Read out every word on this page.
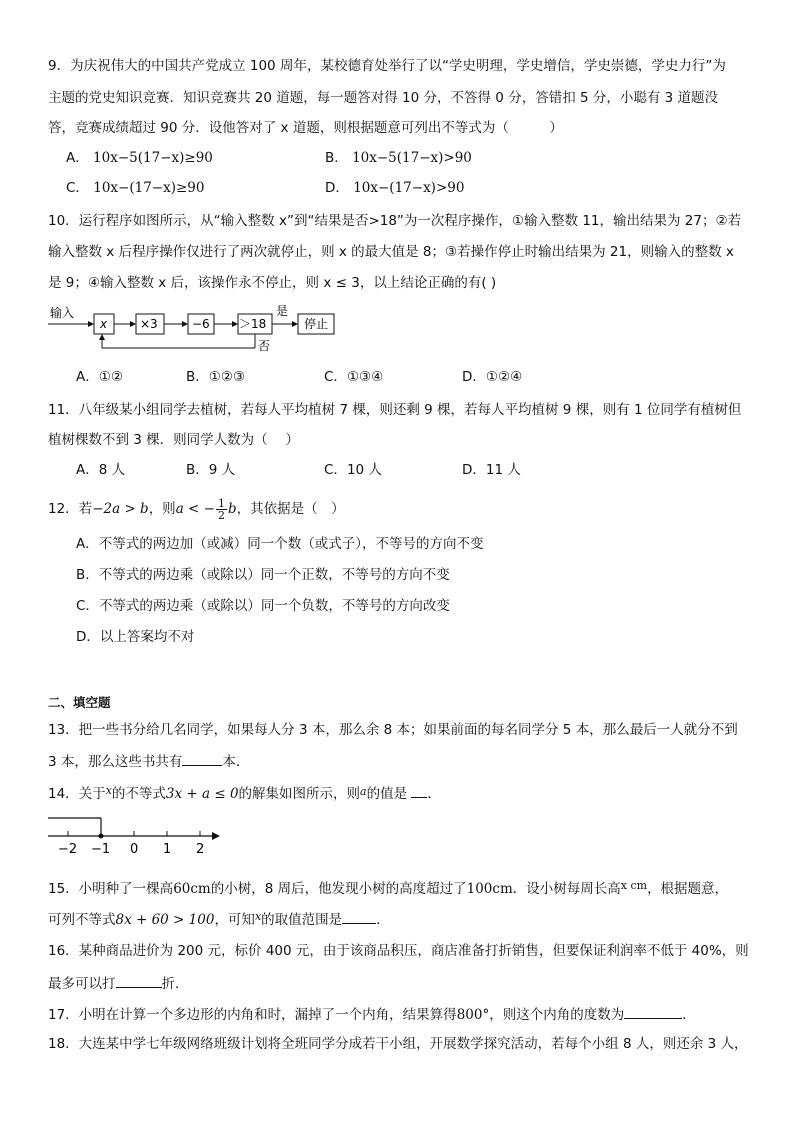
9．为庆祝伟大的中国共产党成立 100 周年，某校德育处举行了以“学史明理，学史增信，学史崇德，学史力行”为
主题的党史知识竞赛．知识竞赛共 20 道题，每一题答对得 10 分，不答得 0 分，答错扣 5 分，小聪有 3 道题没
答，竞赛成绩超过 90 分．设他答对了 x 道题，则根据题意可列出不等式为（　　　）
A． 10x−5(17−x)≥90	B． 10x−5(17−x)>90
C． 10x−(17−x)≥90	D． 10x−(17−x)>90
10．运行程序如图所示，从“输入整数 x”到“结果是否>18”为一次程序操作，①输入整数 11，输出结果为 27；②若
输入整数 x 后程序操作仅进行了两次就停止，则 x 的最大值是 8；③若操作停止时输出结果为 21，则输入的整数 x
是 9；④输入整数 x 后，该操作永不停止，则 x ≤ 3，以上结论正确的有( )
输入
x	×3	−6 ＞18
是
停止
否
A．①②	B．①②③	C．①③④	D．①②④
11．八年级某小组同学去植树，若每人平均植树 7 棵，则还剩 9 棵，若每人平均植树 9 棵，则有 1 位同学有植树但
植树棵数不到 3 棵．则同学人数为（　 ）
A．8 人	B．9 人	C．10 人	D．11 人
12．若−2a > b，则a < − $\frac{1}{2}$ b，其依据是（　）
A．不等式的两边加（或减）同一个数（或式子），不等号的方向不变
B．不等式的两边乘（或除以）同一个正数，不等号的方向不变
C．不等式的两边乘（或除以）同一个负数，不等号的方向改变
D．以上答案均不对
二、填空题
13．把一些书分给几名同学，如果每人分 3 本，那么余 8 本；如果前面的每名同学分 5 本，那么最后一人就分不到
3 本，那么这些书共有	本．
14．关于$^x$的不等式3x + a ≤ 0的解集如图所示，则$^a$的值是 ．
−2 −1 0 1 2
15．小明种了一棵高60cm的小树，8 周后，他发现小树的高度超过了100cm．设小树每周长高$^{x cm}$，根据题意，
可列不等式8x + 60 > 100，可知$^x$的取值范围是	．
16．某种商品进价为 200 元，标价 400 元，由于该商品积压，商店准备打折销售，但要保证利润率不低于 40%，则
最多可以打	折．
17．小明在计算一个多边形的内角和时，漏掉了一个内角，结果算得800°，则这个内角的度数为	．
18．大连某中学七年级网络班级计划将全班同学分成若干小组，开展数学探究活动，若每个小组 8 人，则还余 3 人，
